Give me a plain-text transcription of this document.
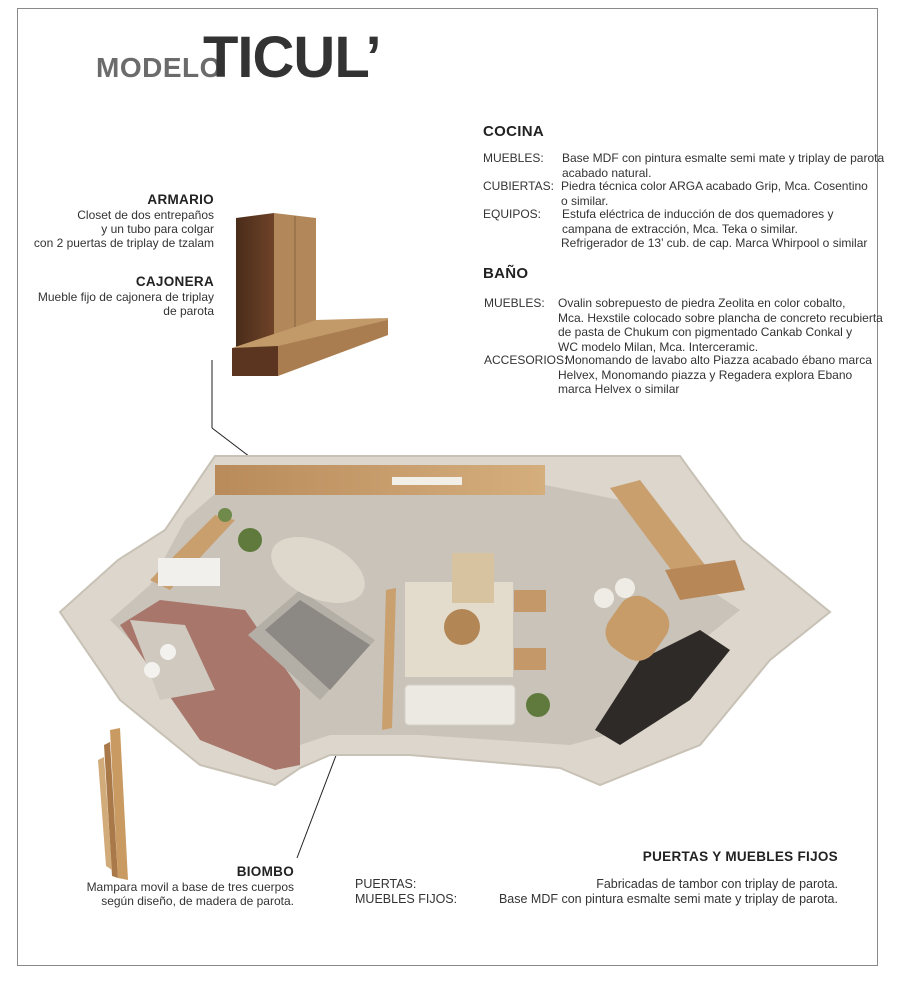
MODELO
TICUL’
ARMARIO
Closet de dos entrepaños
y un tubo para colgar
con 2 puertas de triplay de tzalam
CAJONERA
Mueble fijo de cajonera de triplay
de parota
COCINA
MUEBLES: Base MDF con pintura esmalte semi mate y triplay de parota
acabado natural.
CUBIERTAS: Piedra técnica color ARGA acabado Grip, Mca. Cosentino
o similar.
EQUIPOS: Estufa eléctrica de inducción de dos quemadores y
campana de extracción, Mca. Teka o similar.
Refrigerador de 13’ cub. de cap. Marca Whirpool o similar
BAÑO
MUEBLES: Ovalin sobrepuesto de piedra Zeolita en color cobalto,
Mca. Hexstile colocado sobre plancha de concreto recubierta
de pasta de Chukum con pigmentado Cankab Conkal y
WC modelo Milan, Mca. Interceramic.
ACCESORIOS:
Monomando de lavabo alto Piazza acabado ébano marca
Helvex, Monomando piazza y Regadera explora Ebano
marca Helvex o similar
BIOMBO
Mampara movil a base de tres cuerpos
según diseño, de madera de parota.
PUERTAS Y MUEBLES FIJOS
PUERTAS:	Fabricadas de tambor con triplay de parota.
MUEBLES FIJOS:	Base MDF con pintura esmalte semi mate y triplay de parota.
